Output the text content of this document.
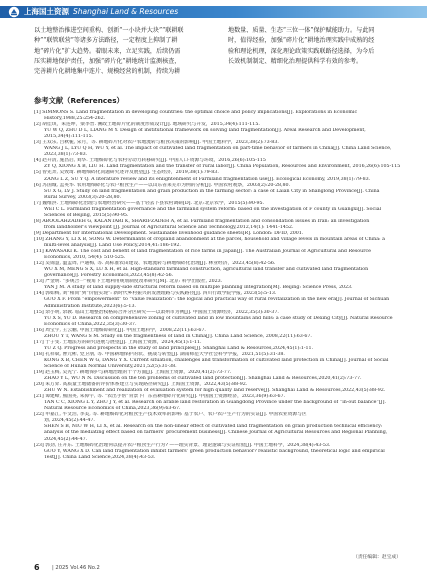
上海国土资源 Shanghai Land & Resources

以土地整治推进空间重构、创新“一小块并大块”“联耕联

种”“联管联营”等诸多方法路径，一定程度上抑制了耕

地“碎片化”扩大趋势。着眼未来，立足实践，后续仍需

压实耕地保护责任，加强“碎片化”耕地统计监测核查，

完善耕片化耕地集中连片、规模经营的机制，持续为耕

地数量、质量、生态“三位一体”保护赋能助力。与此同

时，值得经验，加强“碎片化”耕地治理实践中成熟的经

验和理论机理，深化理论政策实践联路径选择，为今后

长效机制制定、精细化治理提供科学有效的参考。

参考文献（References）
[1] SIMMONS S. Land fragmentation in developing countries: the optimal choice and policy implications[J]. Explorations in Economic
History,1988,25:254-262.
[2] 胡佳琪，朱连坤，梁李晋. 溯政土地碎片化的制度形成设计[J]. 地域研究与开发，2015,34(4):111-115.
YU W Q, ZHU D L, LIANG M Y. Design of institutional framework on solving land fragmentation[J]. Areal Research and Development,
2015,34(4):111-115.
[3] 王双乐, 吕秋栀, 宋月，等. 耕地碎片化对农户农地流转与粮食决策的影响[J]. 中国土地科学，2023,38(2):73-83.
WANG J L, LYU Q H, WU Y, et al. The impact of cultivated land fragmentation on part-time behavior of farmers in China[J]. China Land Science,
2023,38(1):73-83.
[4] 赵开清, 施昌启, 刘华. 土地细碎化与农村劳动力转移研究[J]. 中国人口·资源与环境，2016,26(6):105-115
ZY Q, XIONG X B, LIU H. Land fragmentation and the transfer of rural labor[J]. China Population, Resources and Environment, 2016,26(6):105-115
[5] 曾先奔, 吴致琦. 耕地细碎化问题研究述评及展望[J]. 生态经济，2019,38(1):79-83.
ZANG L Z, SU Y Q. A literature review and its enlightenment of Farmland fragmentation use[J]. Ecological Economy, 2019,38(1):79-83.
[6] 苏国城, 孟英华. 农用地细碎化与农户粮食生产——以山东省莱芜市为例的分析[J]. 中国农村观察，2003(2):20-28,80.
SU X G, LV J. Study on land fragmentation and grain production in the farming sector: a case of Laian City in Shanglong Province[J]. China
Rural Survey, 2003(3):20-28,80.
[7] 魏维洪. 土地细碎化治理与农地经营研究——基于轻去下县农村调研[D]. 北京:北京农学，2015(5):90-95.
WEI C L. Farmland fragmentation governance and the farmland system reform: based on the investigation of F county in Guangxi[J]. Social
Sciences of Beijing, 2015(5):90-95.
[8] ABOOLAHZADEH G, KALANTARI K, SHARIFZADEH A, et al. Farmland fragmentation and consolidation issues in Iran: an investigation
from landholder’s viewpoint [J]. Journal of Agricultural Science and Technology,2012,14(1): 1441-1452.
[9] Department for International Development. Sustainable livelihood guidance sheets[R]. London: DFID, 2001.
[10] ZHANG Y, LI X B, SONG W. Determinants of cropland abandonment at the parcel, household and village levels in mountain areas of China: a
multi-level analysis[J]. Land Use Policy,2014,41:186-192.
[11] KAWASAKI K. The cost and benefit of land fragmentation of rice farms in Japan[J]. The Australian Journal of Agricultural and Resource
Economics, 2010, 54(4): 510-525.
[12] 吴锦慧, 温孟周, 卢通梅, 等. 高标准农田建设、农地流转与耕地细碎化治理[J]. 林业经济，2023,45(8):42-56.
WU X M, MENG S X, LU X H, et al. High-standard farmland construction, agricultural land transfer and cultivated land fragmentation
governance[J]. Forestry Economics,2023,45(8):42-56.
[13] 严金明. “多规合一”视角下土地利用规划制度改革研究[M]. 北京: 科学出版社, 2023.
YAN J M. A study of land supply-side structural reform based on multiple planning integration[M]. Beijing: Science Press, 2023.
[14] 郭如梅, 刘“相同”到“价值实现”: 新时代乡村振兴的发展理路与实践路径[J]. 四川行政学院学报, 2023(5):5-13.
GUO X F. From “empowerment” to “value realization”: the logical and practical way of rural revitalization in the new era[J]. Journal of Sichuan
Administration Institute,2023(6):5-13.
[15] 余小明, 余教. 临山土地整治权格局合并分区研究——以肃州市为例[J]. 中国国土资源经济，2022,35(3):30-37.
YU X S, YU D. Research on comprehensive zoning of cultivated land in low mountains and hills: a case study of Dexing City[J]. Natural Resource
Economics of China,2022,35(3):30-37.
[16] 周宝宇, 王云鹏, 中国土地细碎研化[J]. 中国土地科学，2008,22(11):63-67.
ZHOU Y T, WANG S M. Study on the fragmentness of land in China[J]. China Land Science, 2008,22(11):63-67.
[17] 于子雯. 土地法方的研究进展与展望[J]. 上海国土资源，2024,45(1):1-11.
YU Z Q. Progress and prospects in the study of land principles[J]. Shanghai Land & Resources,2024,45(1):1-11.
[18] 孔祥斌, 曹元彬, 党卫朋, 等. 中国耕地保护的状、挑战与转型[J]. 湖南师范大学社会科学学报，2021,51(5):31-38.
KONG X B, CHEN W G, DANG Y X. Current situation, challenges and transformation of cultivated land protection in China[J]. Journal of Social
Science of Hunan Normal University,2021,52(5):31-38.
[19] 赵玉梅, 吴先宁. 耕地保护与耕地治理的十个方面[J]. 上海国土资源，2020,41(2):73-77.
ZHAO Y L, WU N N. Discussion on the ten problems of cultivated land protection[J]. Shanghai Land & Resources,2020,41(2):73-77.
[20] 朱万昇. 高质量土地储备的评价体系建立与实现路径研究[J]. 上海国土资源，2022,43(5):88-92.
ZHU W N. Establishment and realization of evaluation system for high quality land reserve[J]. Shanghai Land & Resources,2022,43(5):88-92.
[21] 谭建峰, 熊国英, 朱倬宇, 等. “农出手帮”背景下广东省耕地碎片化研究[J]. 中国国土资源经济，2023,36(9):63-67.
TAN C C, XIONG L Y, ZHU J Y, et al. Research on arable land restoration in Guangdong Province under the background of “in-out balance”[J].
Natural Resource Economics of China,2023,36(9):63-67.
[22] 申嘉江, 牛文浩, 李美, 等. 耕地细碎化对粮食生产技术效率的影响: 基于农户、农户农户生产行为的实证[J]. 中国农业资源与区
划, 2024,45(2):44-47.
SHEN S B, NIU W H, LI X, et al. Research on the non-linear effect of cultivated land fragmentation on grain production technical efficiency:
analysis of the mediating effect based on farmers’ procurement business[J]. Chinese Journal of Agricultural Resources and Regional Planning,
2024,45(2):44-47.
[23] 郭劲, 庄开东. 土地细碎化治理何以提升农户粮食生产行为? ——理实背景、理论逻辑与实证检验[J]. 中国土地科学，2024,38(4):43-53.
GUO Y, WANG X D. Can land fragmentation inhibit farmers’ green production behavior? realistic background, theoretical logic and empirical
Test[J]. China Land Science,2024,38(4):43-53.
（责任编辑：赵宝成）
6 | 2025 Vol.46 No.2
